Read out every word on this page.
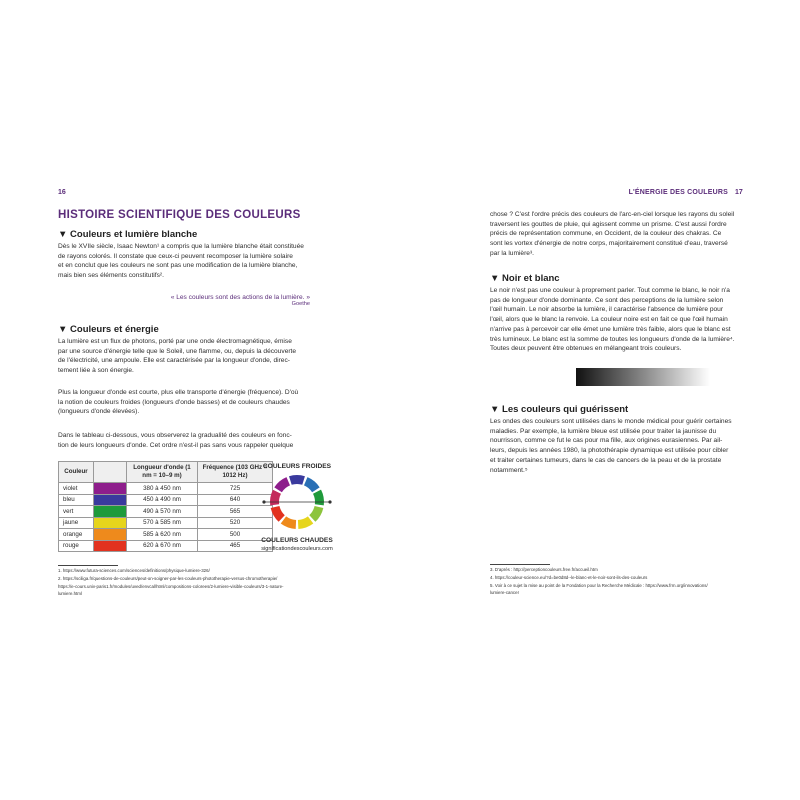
16
HISTOIRE SCIENTIFIQUE DES COULEURS
▼ Couleurs et lumière blanche

Dès le XVIIe siècle, Isaac Newton¹ a compris que la lumière blanche était constituée
de rayons colorés. Il constate que ceux-ci peuvent recomposer la lumière solaire
et en conclut que les couleurs ne sont pas une modification de la lumière blanche,
mais bien ses éléments constitutifs².

« Les couleurs sont des actions de la lumière. »
Goethe
▼ Couleurs et énergie

La lumière est un flux de photons, porté par une onde électromagnétique, émise
par une source d'énergie telle que le Soleil, une flamme, ou, depuis la découverte
de l'électricité, une ampoule. Elle est caractérisée par la longueur d'onde, direc-
tement liée à son énergie.

Plus la longueur d'onde est courte, plus elle transporte d'énergie (fréquence). D'où
la notion de couleurs froides (longueurs d'onde basses) et de couleurs chaudes
(longueurs d'onde élevées).

Dans le tableau ci-dessous, vous observerez la gradualité des couleurs en fonc-
tion de leurs longueurs d'onde. Cet ordre n'est-il pas sans vous rappeler quelque

Couleur		Longueur d'onde (1 nm = 10–9 m)	Fréquence (103 GHz = 1012 Hz)
violet		380 à 450 nm	725
bleu		450 à 490 nm	640
vert		490 à 570 nm	565
jaune		570 à 585 nm	520
orange		585 à 620 nm	500
rouge		620 à 670 nm	465
COULEURS FROIDES
COULEURS CHAUDES
significationdescouleurs.com
1. https://www.futura-sciences.com/sciences/definitions/physique-lumiere-326/
2. https://sciliga.fr/questions-de-couleurs/peut-on-soigner-par-les-couleurs-phototherapie-versus-chromotherapie/
https://e-cours.univ-paris1.fr/modules/uved/envcal/html/compositions-colorees/2-lumiere-visible-couleurs/3-1-nature-
lumiere.html
L'ÉNERGIE DES COULEURS 17

chose ? C'est l'ordre précis des couleurs de l'arc-en-ciel lorsque les rayons du soleil
traversent les gouttes de pluie, qui agissent comme un prisme. C'est aussi l'ordre
précis de représentation commune, en Occident, de la couleur des chakras. Ce
sont les vortex d'énergie de notre corps, majoritairement constitué d'eau, traversé
par la lumière³.

▼ Noir et blanc

Le noir n'est pas une couleur à proprement parler. Tout comme le blanc, le noir n'a
pas de longueur d'onde dominante. Ce sont des perceptions de la lumière selon
l'œil humain. Le noir absorbe la lumière, il caractérise l'absence de lumière pour
l'œil, alors que le blanc la renvoie. La couleur noire est en fait ce que l'œil humain
n'arrive pas à percevoir car elle émet une lumière très faible, alors que le blanc est
très lumineux. Le blanc est la somme de toutes les longueurs d'onde de la lumière⁴.
Toutes deux peuvent être obtenues en mélangeant trois couleurs.

▼ Les couleurs qui guérissent

Les ondes des couleurs sont utilisées dans le monde médical pour guérir certaines
maladies. Par exemple, la lumière bleue est utilisée pour traiter la jaunisse du
nourrisson, comme ce fut le cas pour ma fille, aux origines eurasiennes. Par ail-
leurs, depuis les années 1980, la photothérapie dynamique est utilisée pour cibler
et traiter certaines tumeurs, dans le cas de cancers de la peau et de la prostate
notamment.⁵

3. D'après : http://perceptioncouleurs.free.fr/accueil.htm
4. https://couleur-science.eu/?d=be0d8d--le-blanc-et-le-noir-sont-ils-des-couleurs
5. Voir à ce sujet la mise au point de la Fondation pour la Recherche Médicale : https://www.frm.org/innovations/
lumiere-cancer
